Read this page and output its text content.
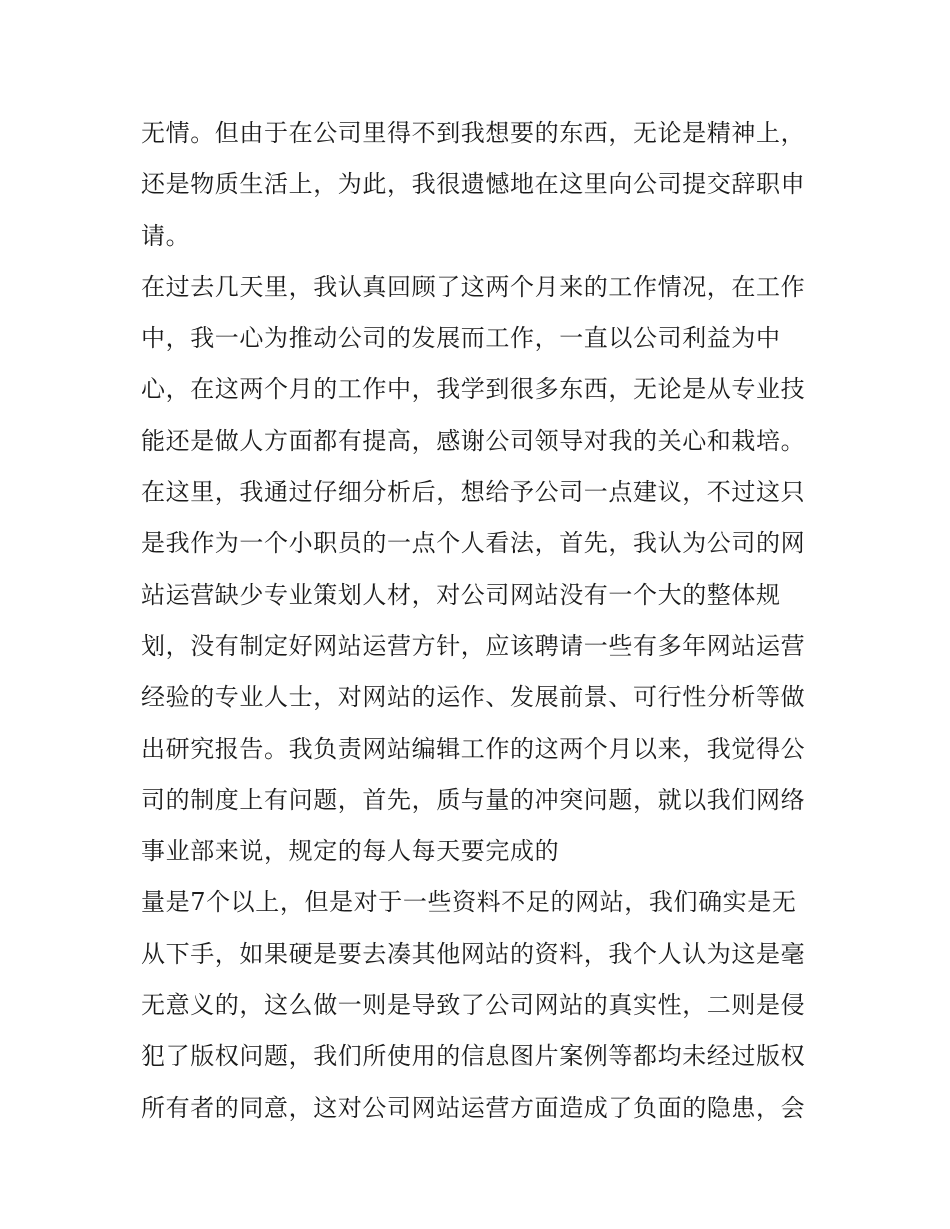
无情。但由于在公司里得不到我想要的东西，无论是精神上，
还是物质生活上，为此，我很遗憾地在这里向公司提交辞职申
请。
在过去几天里，我认真回顾了这两个月来的工作情况，在工作
中，我一心为推动公司的发展而工作，一直以公司利益为中
心，在这两个月的工作中，我学到很多东西，无论是从专业技
能还是做人方面都有提高，感谢公司领导对我的关心和栽培。
在这里，我通过仔细分析后，想给予公司一点建议，不过这只
是我作为一个小职员的一点个人看法，首先，我认为公司的网
站运营缺少专业策划人材，对公司网站没有一个大的整体规
划，没有制定好网站运营方针，应该聘请一些有多年网站运营
经验的专业人士，对网站的运作、发展前景、可行性分析等做
出研究报告。我负责网站编辑工作的这两个月以来，我觉得公
司的制度上有问题，首先，质与量的冲突问题，就以我们网络
事业部来说，规定的每人每天要完成的
量是7个以上，但是对于一些资料不足的网站，我们确实是无
从下手，如果硬是要去凑其他网站的资料，我个人认为这是毫
无意义的，这么做一则是导致了公司网站的真实性，二则是侵
犯了版权问题，我们所使用的信息图片案例等都均未经过版权
所有者的同意，这对公司网站运营方面造成了负面的隐患，会
